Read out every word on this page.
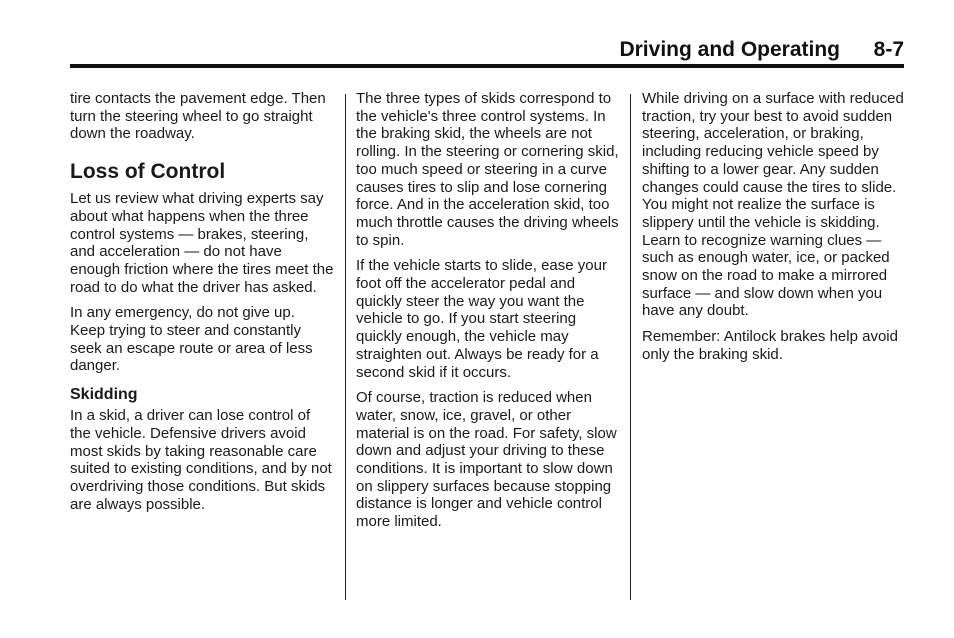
Driving and Operating 8-7

tire contacts the pavement edge. Then turn the steering wheel to go straight down the roadway.

Loss of Control

Let us review what driving experts say about what happens when the three control systems — brakes, steering, and acceleration — do not have enough friction where the tires meet the road to do what the driver has asked.

In any emergency, do not give up. Keep trying to steer and constantly seek an escape route or area of less danger.

Skidding

In a skid, a driver can lose control of the vehicle. Defensive drivers avoid most skids by taking reasonable care suited to existing conditions, and by not overdriving those conditions. But skids are always possible.

The three types of skids correspond to the vehicle's three control systems. In the braking skid, the wheels are not rolling. In the steering or cornering skid, too much speed or steering in a curve causes tires to slip and lose cornering force. And in the acceleration skid, too much throttle causes the driving wheels to spin.

If the vehicle starts to slide, ease your foot off the accelerator pedal and quickly steer the way you want the vehicle to go. If you start steering quickly enough, the vehicle may straighten out. Always be ready for a second skid if it occurs.

Of course, traction is reduced when water, snow, ice, gravel, or other material is on the road. For safety, slow down and adjust your driving to these conditions. It is important to slow down on slippery surfaces because stopping distance is longer and vehicle control more limited.

While driving on a surface with reduced traction, try your best to avoid sudden steering, acceleration, or braking, including reducing vehicle speed by shifting to a lower gear. Any sudden changes could cause the tires to slide. You might not realize the surface is slippery until the vehicle is skidding. Learn to recognize warning clues — such as enough water, ice, or packed snow on the road to make a mirrored surface — and slow down when you have any doubt.

Remember: Antilock brakes help avoid only the braking skid.
